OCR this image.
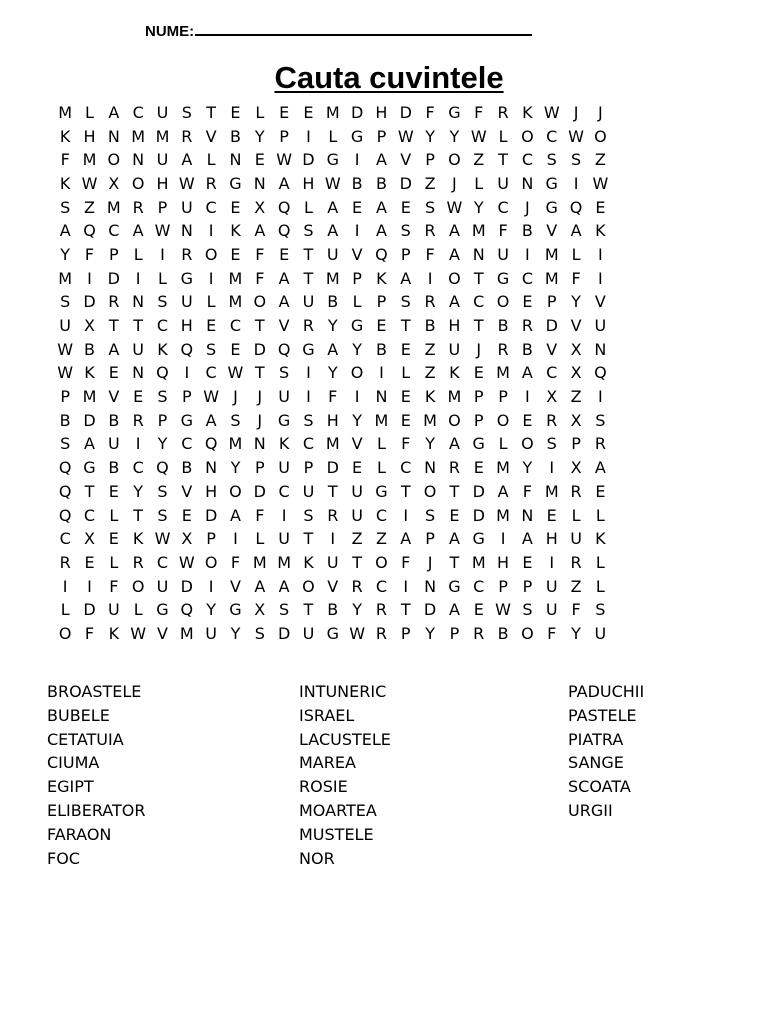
NUME:
Cauta cuvintele
M L A C U S T E L E E M D H D F G F R K W J	J
K H N M M R V B Y P	I	L G P W Y Y W L O C W O
F M O N U A L N E W D G I	A V P O Z T C S S Z
K W X O H W R G N A H W B B D Z	J	L U N G I W
S Z M R P U C E X Q L A E A E S W Y C	J G Q E
A Q C A W N I	K A Q S A	I	A S R A M F B V A K
Y F P L	I	R O E F E T U V Q P F A N U	I M L	I
M I D I	L G I M F A T M P K A	I O T G C M F	I
S D R N S U L M O A U B L P S R A C O E P Y V
U X T T C H E C T V R Y G E T B H T B R D V U
W B A U K Q S E D Q G A Y B E Z U	J	R B V X N
W K E N Q I	C W T S	I	Y O I	L Z K E M A C X Q
P M V E S P W J	J	U	I	F	I N E K M P P	I	X Z	I
B D B R P G A S	J G S H Y M E M O P O E R X S
S A U	I	Y C Q M N K C M V L F Y A G L O S P R
Q G B C Q B N Y P U P D E L C N R E M Y	I	X A
Q T E Y S V H O D C U T U G T O T D A F M R E
Q C L T S E D A F	I	S R U C	I	S E D M N E L L
C X E K W X P	I	L U T	I	Z Z A P A G I	A H U K
R E L R C W O F M M K U T O F	J	T M H E	I	R L
I	I	F O U D I	V A A O V R C	I N G C P P U Z L
L D U L G Q Y G X S T B Y R T D A E W S U F S
O F K W V M U Y S D U G W R P Y P R B O F Y U
BROASTELE
BUBELE
CETATUIA
CIUMA
EGIPT
ELIBERATOR
FARAON
FOC
INTUNERIC
ISRAEL
LACUSTELE
MAREA
ROSIE
MOARTEA
MUSTELE
NOR
PADUCHII
PASTELE
PIATRA
SANGE
SCOATA
URGII
